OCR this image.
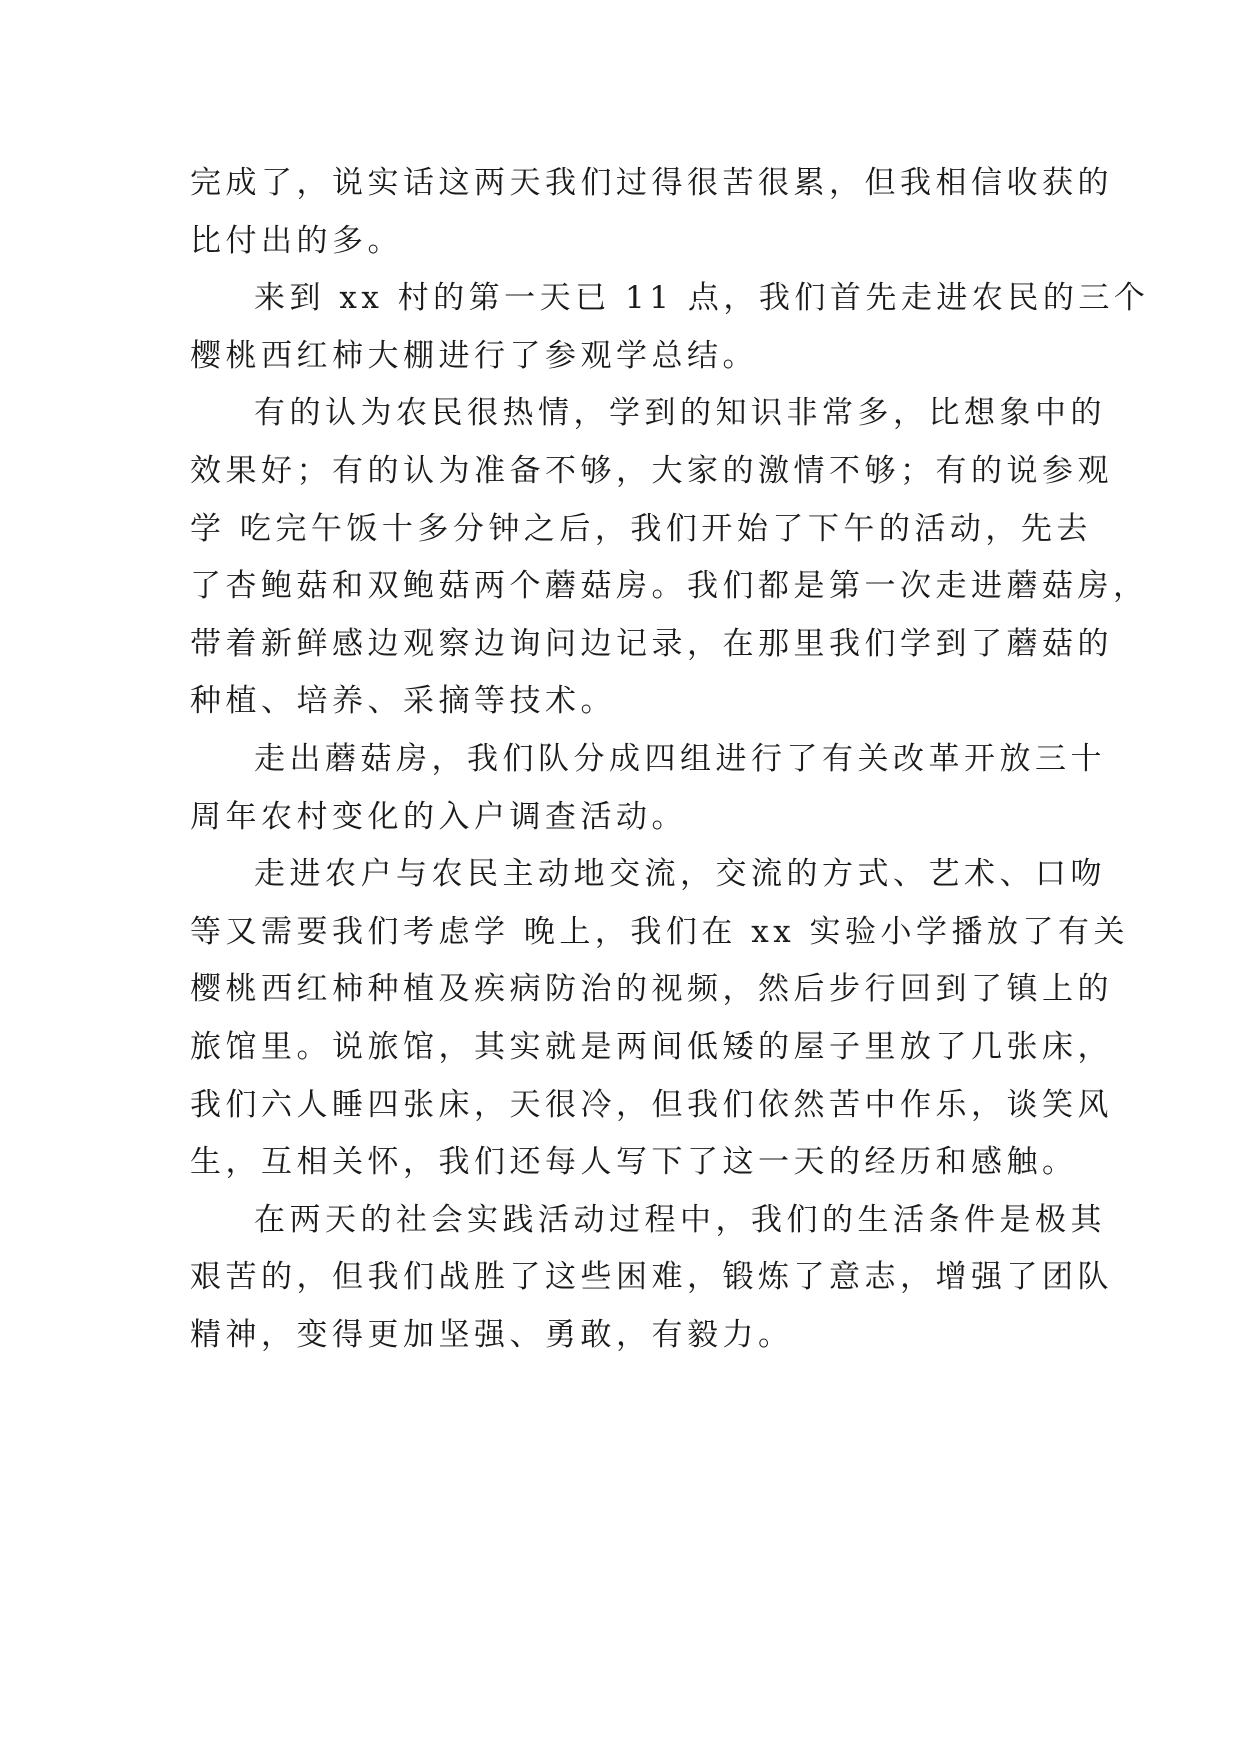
完成了，说实话这两天我们过得很苦很累，但我相信收获的
比付出的多。
来到 xx 村的第一天已 11 点，我们首先走进农民的三个
樱桃西红柿大棚进行了参观学总结。
有的认为农民很热情，学到的知识非常多，比想象中的
效果好；有的认为准备不够，大家的激情不够；有的说参观
学 吃完午饭十多分钟之后，我们开始了下午的活动，先去
了杏鲍菇和双鲍菇两个蘑菇房。我们都是第一次走进蘑菇房，
带着新鲜感边观察边询问边记录，在那里我们学到了蘑菇的
种植、培养、采摘等技术。
走出蘑菇房，我们队分成四组进行了有关改革开放三十
周年农村变化的入户调查活动。
走进农户与农民主动地交流，交流的方式、艺术、口吻
等又需要我们考虑学 晚上，我们在 xx 实验小学播放了有关
樱桃西红柿种植及疾病防治的视频，然后步行回到了镇上的
旅馆里。说旅馆，其实就是两间低矮的屋子里放了几张床，
我们六人睡四张床，天很冷，但我们依然苦中作乐，谈笑风
生，互相关怀，我们还每人写下了这一天的经历和感触。
在两天的社会实践活动过程中，我们的生活条件是极其
艰苦的，但我们战胜了这些困难，锻炼了意志，增强了团队
精神，变得更加坚强、勇敢，有毅力。
